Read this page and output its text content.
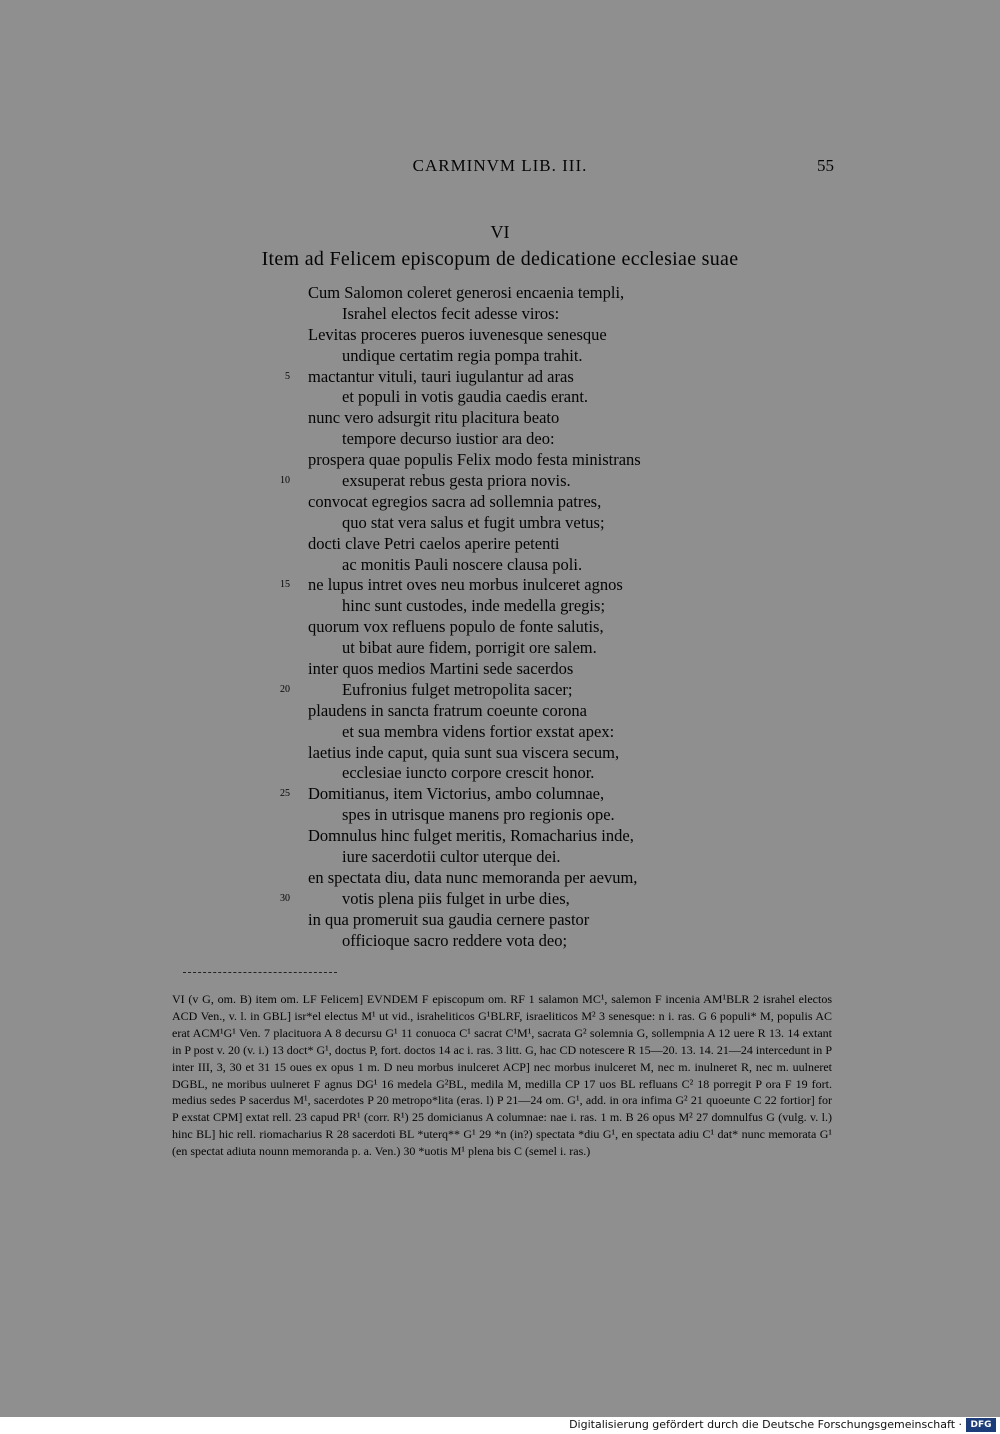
CARMINVM LIB. III.	55
VI
Item ad Felicem episcopum de dedicatione ecclesiae suae
Cum Salomon coleret generosi encaenia templi,
Israhel electos fecit adesse viros:
Levitas proceres pueros iuvenesque senesque
undique certatim regia pompa trahit.
5 mactantur vituli, tauri iugulantur ad aras
et populi in votis gaudia caedis erant.
nunc vero adsurgit ritu placitura beato
tempore decurso iustior ara deo:
prospera quae populis Felix modo festa ministrans
10	exsuperat rebus gesta priora novis.
convocat egregios sacra ad sollemnia patres,
quo stat vera salus et fugit umbra vetus;
docti clave Petri caelos aperire petenti
ac monitis Pauli noscere clausa poli.
15 ne lupus intret oves neu morbus inulceret agnos
hinc sunt custodes, inde medella gregis;
quorum vox refluens populo de fonte salutis,
ut bibat aure fidem, porrigit ore salem.
inter quos medios Martini sede sacerdos
20	Eufronius fulget metropolita sacer;
plaudens in sancta fratrum coeunte corona
et sua membra videns fortior exstat apex:
laetius inde caput, quia sunt sua viscera secum,
ecclesiae iuncto corpore crescit honor.
25 Domitianus, item Victorius, ambo columnae,
spes in utrisque manens pro regionis ope.
Domnulus hinc fulget meritis, Romacharius inde,
iure sacerdotii cultor uterque dei.
en spectata diu, data nunc memoranda per aevum,
30	votis plena piis fulget in urbe dies,
in qua promeruit sua gaudia cernere pastor
officioque sacro reddere vota deo;

VI (v G, om. B) item om. LF Felicem] EVNDEM F episcopum om. RF 1 salamon MC¹, salemon F incenia AM¹BLR 2 israhel electos ACD Ven., v. l. in GBL] isr*el electus M¹ ut vid., israheliticos G¹BLRF, israeliticos M² 3 senesque: n i. ras. G 6 populi* M, populis AC erat ACM¹G¹ Ven. 7 placituora A 8 decursu G¹ 11 conuoca C¹ sacrat C¹M¹, sacrata G² solemnia G, sollempnia A 12 uere R 13. 14 extant in P post v. 20 (v. i.) 13 doct* G¹, doctus P, fort. doctos 14 ac i. ras. 3 litt. G, hac CD notescere R 15—20. 13. 14. 21—24 intercedunt in P inter III, 3, 30 et 31 15 oues ex opus 1 m. D neu morbus inulceret ACP] nec morbus inulceret M, nec m. inulneret R, nec m. uulneret DGBL, ne moribus uulneret F agnus DG¹ 16 medela G²BL, medila M, medilla CP 17 uos BL refluans C² 18 porregit P ora F 19 fort. medius sedes P sacerdus M¹, sacerdotes P 20 metropo*lita (eras. l) P 21—24 om. G¹, add. in ora infima G² 21 quoeunte C 22 fortior] for P exstat CPM] extat rell. 23 capud PR¹ (corr. R¹) 25 domicianus A columnae: nae i. ras. 1 m. B 26 opus M² 27 domnulfus G (vulg. v. l.) hinc BL] hic rell. riomacharius R 28 sacerdoti BL *uterq** G¹ 29 *n (in?) spectata *diu G¹, en spectata adiu C¹ dat* nunc memorata G¹ (en spectat adiuta nounn memoranda p. a. Ven.) 30 *uotis M¹ plena bis C (semel i. ras.)

Digitalisierung gefördert durch die Deutsche Forschungsgemeinschaft · DFG
